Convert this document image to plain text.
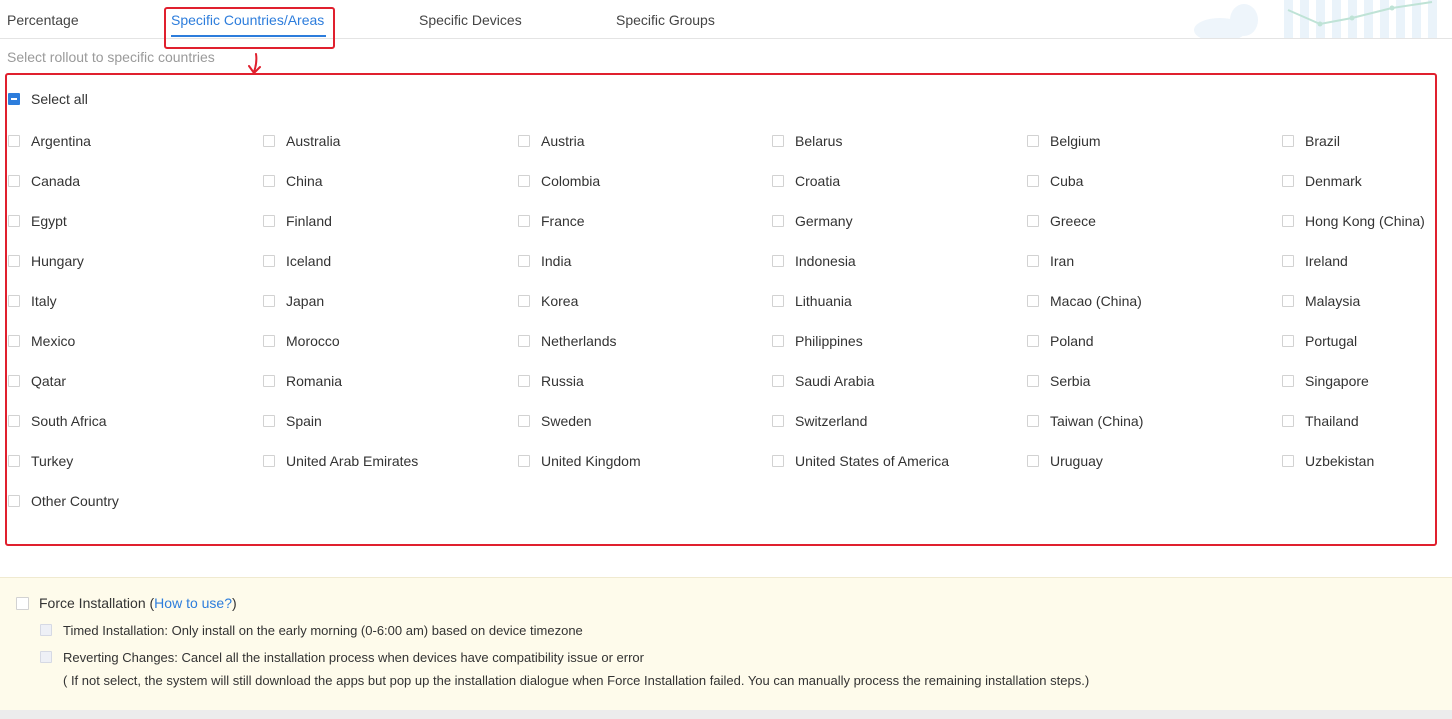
Percentage	Specific Countries/Areas	Specific Devices	Specific Groups
Select rollout to specific countries
Select all
Argentina	Australia	Austria	Belarus	Belgium	Brazil
Canada	China	Colombia	Croatia	Cuba	Denmark
Egypt	Finland	France	Germany	Greece	Hong Kong (China)
Hungary	Iceland	India	Indonesia	Iran	Ireland
Italy	Japan	Korea	Lithuania	Macao (China)	Malaysia
Mexico	Morocco	Netherlands	Philippines	Poland	Portugal
Qatar	Romania	Russia	Saudi Arabia	Serbia	Singapore
South Africa	Spain	Sweden	Switzerland	Taiwan (China)	Thailand
Turkey	United Arab Emirates	United Kingdom	United States of America	Uruguay	Uzbekistan
Other Country
Force Installation (How to use?)
Timed Installation: Only install on the early morning (0-6:00 am) based on device timezone
Reverting Changes: Cancel all the installation process when devices have compatibility issue or error
( If not select, the system will still download the apps but pop up the installation dialogue when Force Installation failed. You can manually process the remaining installation steps.)
